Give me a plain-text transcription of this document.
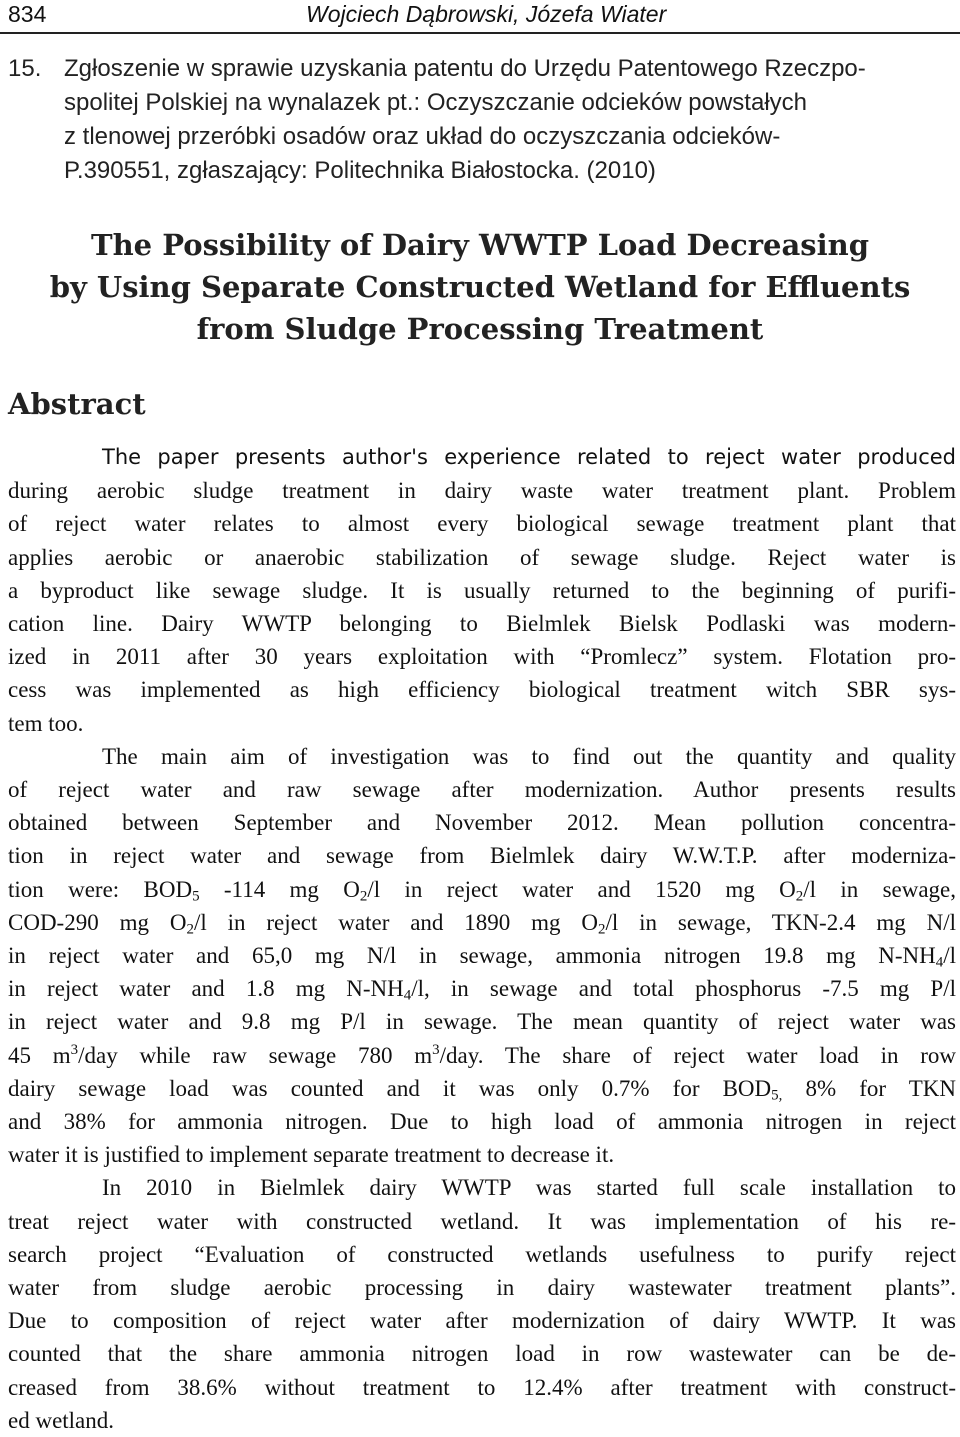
834	Wojciech Dąbrowski, Józefa Wiater
15. Zgłoszenie w sprawie uzyskania patentu do Urzędu Patentowego Rzeczpo-
spolitej Polskiej na wynalazek pt.: Oczyszczanie odcieków powstałych
z tlenowej przeróbki osadów oraz układ do oczyszczania odcieków-
P.390551, zgłaszający: Politechnika Białostocka. (2010)
The Possibility of Dairy WWTP Load Decreasing
by Using Separate Constructed Wetland for Effluents
from Sludge Processing Treatment
Abstract
The paper presents author's experience related to reject water produced
during aerobic sludge treatment in dairy waste water treatment plant. Problem
of reject water relates to almost every biological sewage treatment plant that
applies aerobic or anaerobic stabilization of sewage sludge. Reject water is
a byproduct like sewage sludge. It is usually returned to the beginning of purifi-
cation line. Dairy WWTP belonging to Bielmlek Bielsk Podlaski was modern-
ized in 2011 after 30 years exploitation with “Promlecz” system. Flotation pro-
cess was implemented as high efficiency biological treatment witch SBR sys-
tem too.
The main aim of investigation was to find out the quantity and quality
of reject water and raw sewage after modernization. Author presents results
obtained between September and November 2012. Mean pollution concentra-
tion in reject water and sewage from Bielmlek dairy W.W.T.P. after moderniza-
tion were: $BOD_5$ -114 mg $O_2/l$ in reject water and 1520 mg $O_2/l$ in sewage,
COD-290 mg $O_2/l$ in reject water and 1890 mg $O_2/l$ in sewage, TKN-2.4 mg N/l
in reject water and 65,0 mg N/l in sewage, ammonia nitrogen 19.8 mg $N-NH_4/l$
in reject water and 1.8 mg $N-NH_4/l$, in sewage and total phosphorus -7.5 mg P/l
in reject water and 9.8 mg P/l in sewage. The mean quantity of reject water was
45 $m^3$/day while raw sewage 780 $m^3$/day. The share of reject water load in row
dairy sewage load was counted and it was only 0.7% for $BOD_{5,}$ 8% for TKN
and 38% for ammonia nitrogen. Due to high load of ammonia nitrogen in reject
water it is justified to implement separate treatment to decrease it.
In 2010 in Bielmlek dairy WWTP was started full scale installation to
treat reject water with constructed wetland. It was implementation of his re-
search project “Evaluation of constructed wetlands usefulness to purify reject
water from sludge aerobic processing in dairy wastewater treatment plants”.
Due to composition of reject water after modernization of dairy WWTP. It was
counted that the share ammonia nitrogen load in row wastewater can be de-
creased from 38.6% without treatment to 12.4% after treatment with construct-
ed wetland.
